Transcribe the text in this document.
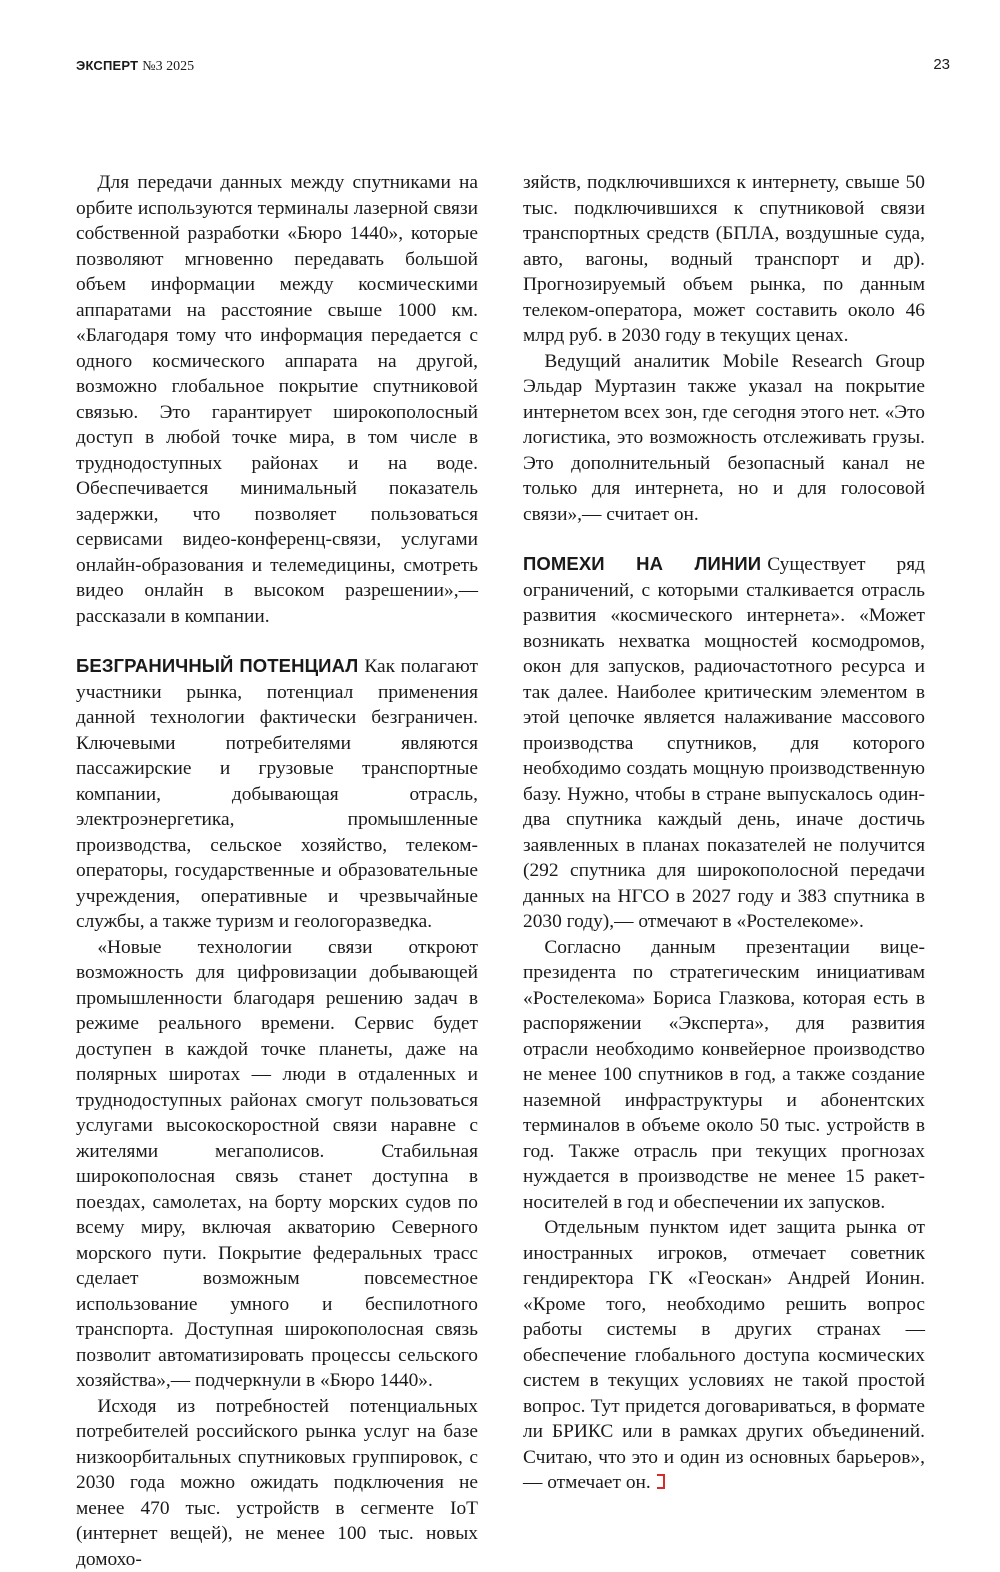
ЭКСПЕРТ №3 2025	23

Для передачи данных между спутниками на орбите используются терминалы лазерной связи собственной разработки «Бюро 1440», которые позволяют мгновенно передавать большой объем информации между космическими аппаратами на расстояние свыше 1000 км. «Благодаря тому что информация передается с одного космического аппарата на другой, возможно глобальное покрытие спутниковой связью. Это гарантирует широкополосный доступ в любой точке мира, в том числе в труднодоступных районах и на воде. Обеспечивается минимальный показатель задержки, что позволяет пользоваться сервисами видео-конференц-связи, услугами онлайн-образования и телемедицины, смотреть видео онлайн в высоком разрешении»,— рассказали в компании.

БЕЗГРАНИЧНЫЙ ПОТЕНЦИАЛ Как полагают участники рынка, потенциал применения данной технологии фактически безграничен. Ключевыми потребителями являются пассажирские и грузовые транспортные компании, добывающая отрасль, электроэнергетика, промышленные производства, сельское хозяйство, телеком-операторы, государственные и образовательные учреждения, оперативные и чрезвычайные службы, а также туризм и геологоразведка.

«Новые технологии связи откроют возможность для цифровизации добывающей промышленности благодаря решению задач в режиме реального времени. Сервис будет доступен в каждой точке планеты, даже на полярных широтах — люди в отдаленных и труднодоступных районах смогут пользоваться услугами высокоскоростной связи наравне с жителями мегаполисов. Стабильная широкополосная связь станет доступна в поездах, самолетах, на борту морских судов по всему миру, включая акваторию Северного морского пути. Покрытие федеральных трасс сделает возможным повсеместное использование умного и беспилотного транспорта. Доступная широкополосная связь позволит автоматизировать процессы сельского хозяйства»,— подчеркнули в «Бюро 1440».

Исходя из потребностей потенциальных потребителей российского рынка услуг на базе низкоорбитальных спутниковых группировок, с 2030 года можно ожидать подключения не менее 470 тыс. устройств в сегменте IoT (интернет вещей), не менее 100 тыс. новых домохо-

зяйств, подключившихся к интернету, свыше 50 тыс. подключившихся к спутниковой связи транспортных средств (БПЛА, воздушные суда, авто, вагоны, водный транспорт и др). Прогнозируемый объем рынка, по данным телеком-оператора, может составить около 46 млрд руб. в 2030 году в текущих ценах.

Ведущий аналитик Mobile Research Group Эльдар Муртазин также указал на покрытие интернетом всех зон, где сегодня этого нет. «Это логистика, это возможность отслеживать грузы. Это дополнительный безопасный канал не только для интернета, но и для голосовой связи»,— считает он.

ПОМЕХИ НА ЛИНИИ Существует ряд ограничений, с которыми сталкивается отрасль развития «космического интернета». «Может возникать нехватка мощностей космодромов, окон для запусков, радиочастотного ресурса и так далее. Наиболее критическим элементом в этой цепочке является налаживание массового производства спутников, для которого необходимо создать мощную производственную базу. Нужно, чтобы в стране выпускалось один-два спутника каждый день, иначе достичь заявленных в планах показателей не получится (292 спутника для широкополосной передачи данных на НГСО в 2027 году и 383 спутника в 2030 году),— отмечают в «Ростелекоме».

Согласно данным презентации вице-президента по стратегическим инициативам «Ростелекома» Бориса Глазкова, которая есть в распоряжении «Эксперта», для развития отрасли необходимо конвейерное производство не менее 100 спутников в год, а также создание наземной инфраструктуры и абонентских терминалов в объеме около 50 тыс. устройств в год. Также отрасль при текущих прогнозах нуждается в производстве не менее 15 ракет-носителей в год и обеспечении их запусков.

Отдельным пунктом идет защита рынка от иностранных игроков, отмечает советник гендиректора ГК «Геоскан» Андрей Ионин. «Кроме того, необходимо решить вопрос работы системы в других странах — обеспечение глобального доступа космических систем в текущих условиях не такой простой вопрос. Тут придется договариваться, в формате ли БРИКС или в рамках других объединений. Считаю, что это и один из основных барьеров»,— отмечает он.
